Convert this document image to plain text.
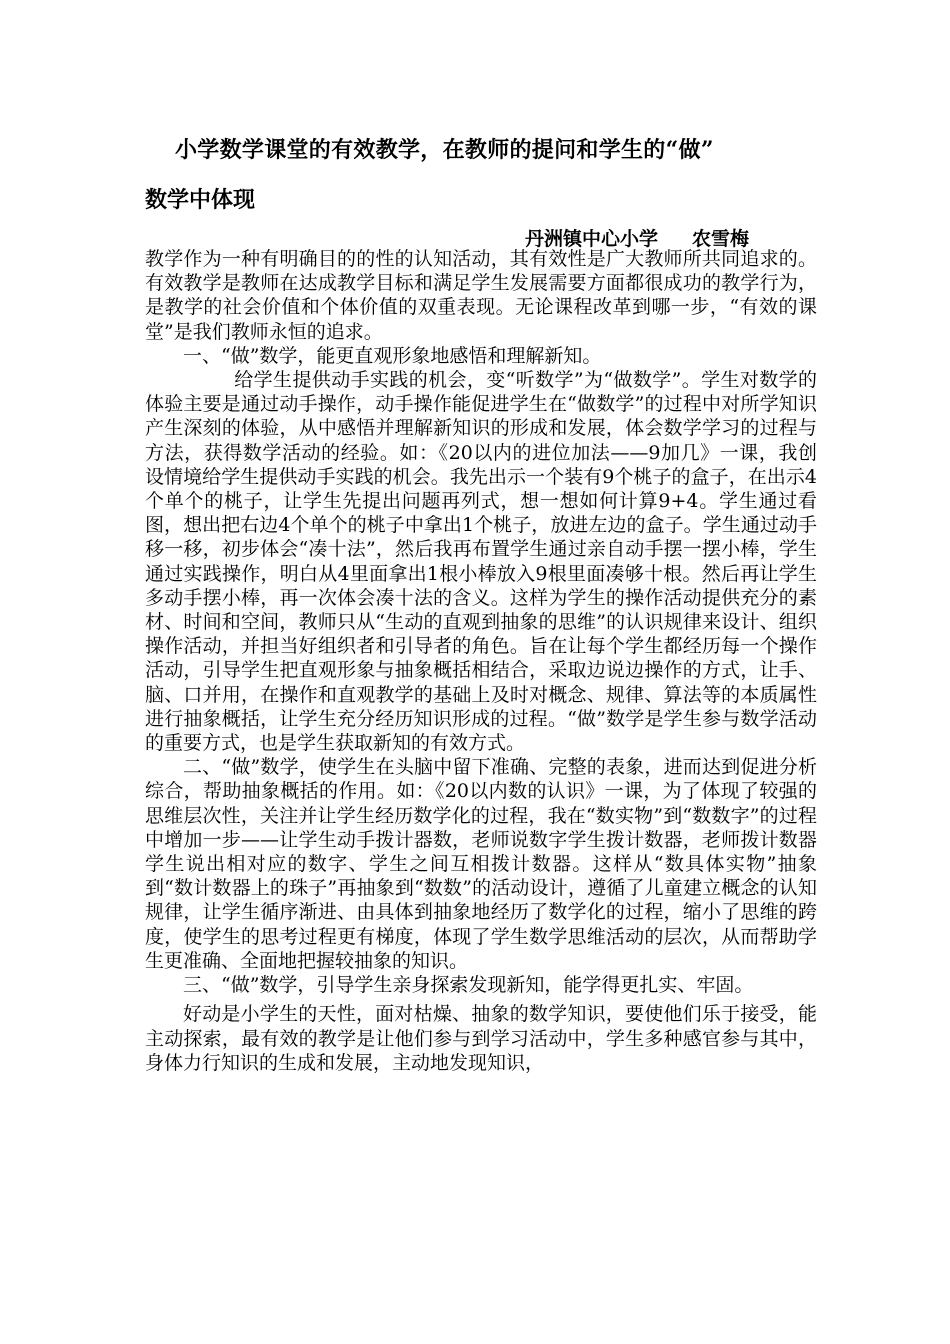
小学数学课堂的有效教学，在教师的提问和学生的“做”
数学中体现
丹洲镇中心小学 农雪梅

教学作为一种有明确目的的性的认知活动，其有效性是广大教师所共同追求的。有效教学是教师在达成教学目标和满足学生发展需要方面都很成功的教学行为，是教学的社会价值和个体价值的双重表现。无论课程改革到哪一步，“有效的课堂”是我们教师永恒的追求。

一、“做”数学，能更直观形象地感悟和理解新知。

给学生提供动手实践的机会，变“听数学”为“做数学”。学生对数学的体验主要是通过动手操作，动手操作能促进学生在“做数学”的过程中对所学知识产生深刻的体验，从中感悟并理解新知识的形成和发展，体会数学学习的过程与方法，获得数学活动的经验。如：《20以内的进位加法——9加几》一课，我创设情境给学生提供动手实践的机会。我先出示一个装有9个桃子的盒子，在出示4个单个的桃子，让学生先提出问题再列式，想一想如何计算9+4。学生通过看图，想出把右边4个单个的桃子中拿出1个桃子，放进左边的盒子。学生通过动手移一移，初步体会“凑十法”，然后我再布置学生通过亲自动手摆一摆小棒，学生通过实践操作，明白从4里面拿出1根小棒放入9根里面凑够十根。然后再让学生多动手摆小棒，再一次体会凑十法的含义。这样为学生的操作活动提供充分的素材、时间和空间，教师只从“生动的直观到抽象的思维”的认识规律来设计、组织操作活动，并担当好组织者和引导者的角色。旨在让每个学生都经历每一个操作活动，引导学生把直观形象与抽象概括相结合，采取边说边操作的方式，让手、脑、口并用，在操作和直观教学的基础上及时对概念、规律、算法等的本质属性进行抽象概括，让学生充分经历知识形成的过程。“做”数学是学生参与数学活动的重要方式，也是学生获取新知的有效方式。

二、“做”数学，使学生在头脑中留下准确、完整的表象，进而达到促进分析综合，帮助抽象概括的作用。如：《20以内数的认识》一课，为了体现了较强的思维层次性，关注并让学生经历数学化的过程，我在“数实物”到“数数字”的过程中增加一步——让学生动手拨计器数，老师说数字学生拨计数器，老师拨计数器学生说出相对应的数字、学生之间互相拨计数器。这样从“数具体实物”抽象到“数计数器上的珠子”再抽象到“数数”的活动设计，遵循了儿童建立概念的认知规律，让学生循序渐进、由具体到抽象地经历了数学化的过程，缩小了思维的跨度，使学生的思考过程更有梯度，体现了学生数学思维活动的层次，从而帮助学生更准确、全面地把握较抽象的知识。

三、“做”数学，引导学生亲身探索发现新知，能学得更扎实、牢固。

好动是小学生的天性，面对枯燥、抽象的数学知识，要使他们乐于接受，能主动探索，最有效的教学是让他们参与到学习活动中，学生多种感官参与其中，身体力行知识的生成和发展，主动地发现知识，
